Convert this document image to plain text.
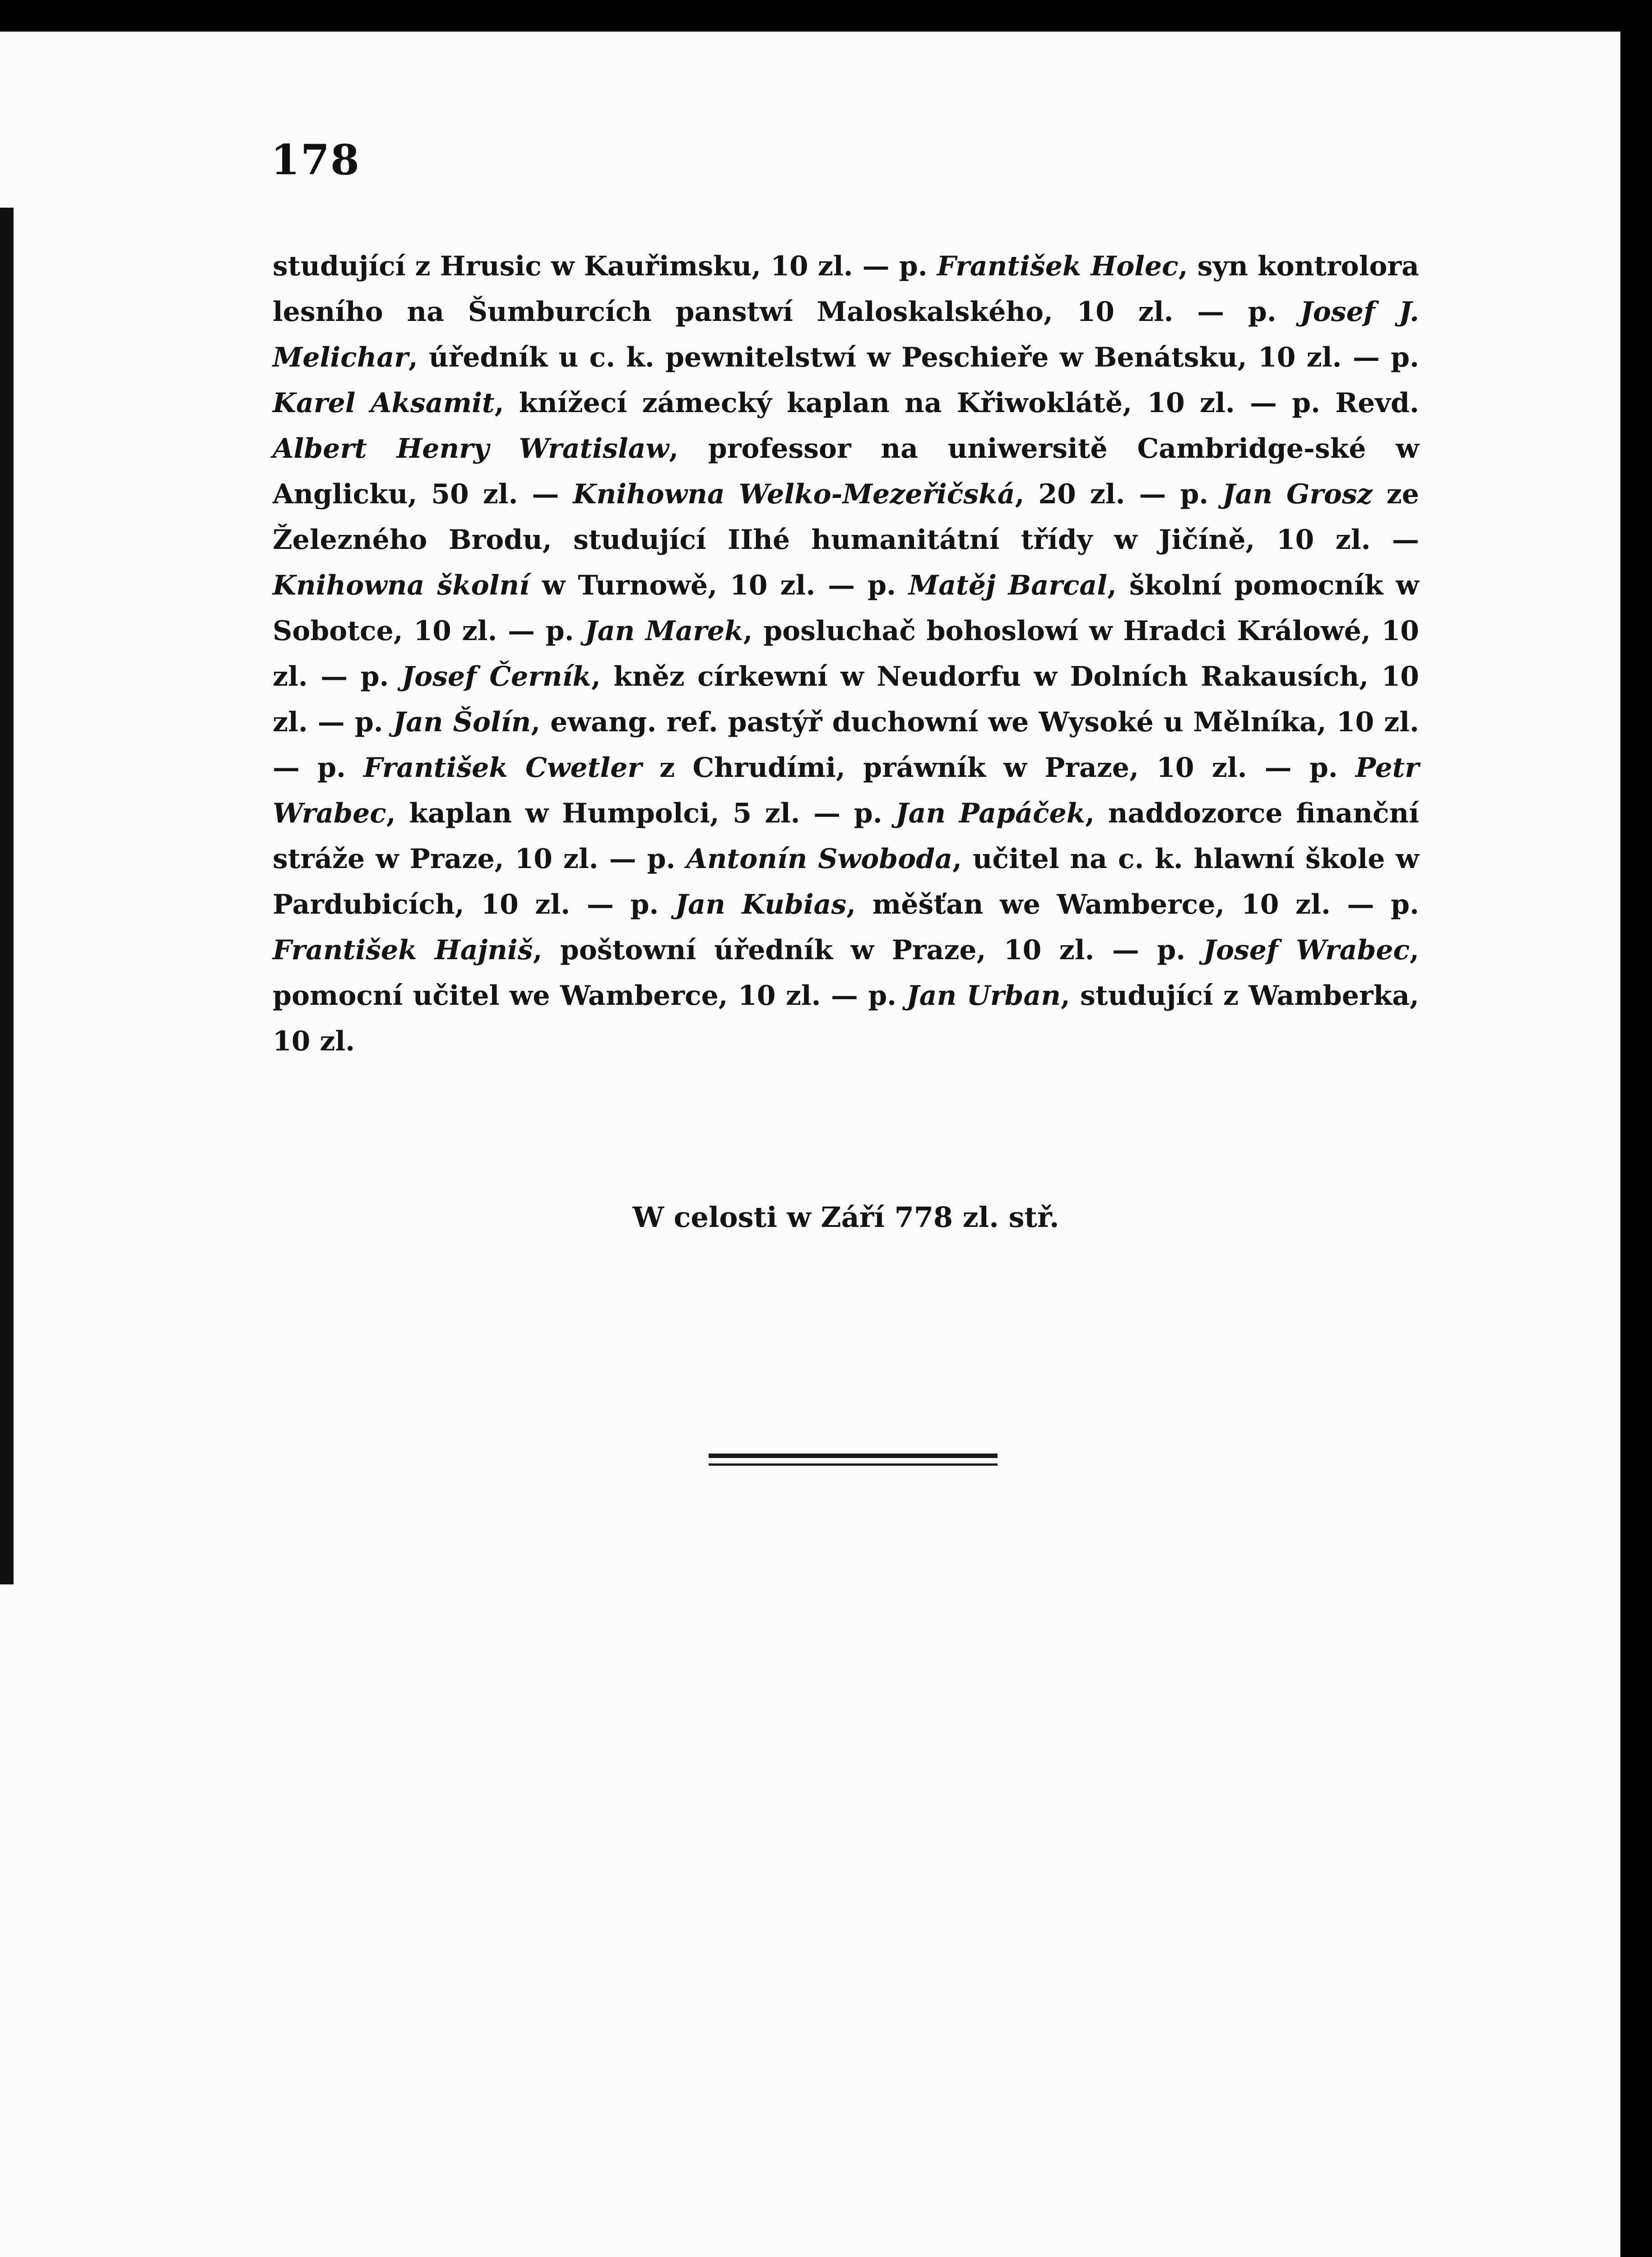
178
studující z Hrusic w Kauřimsku, 10 zl. — p. František Holec, syn kontrolora lesního na Šumburcích panstwí Maloskalského, 10 zl. — p. Josef J. Melichar, úředník u c. k. pewnitelstwí w Peschieře w Benátsku, 10 zl. — p. Karel Aksamit, knížecí zámecký kaplan na Křiwoklátě, 10 zl. — p. Revd. Albert Henry Wratislaw, professor na uniwersitě Cambridge-ské w Anglicku, 50 zl. — Knihowna Welko-Mezeřičská, 20 zl. — p. Jan Grosz ze Železného Brodu, studující IIhé humanitátní třídy w Jičíně, 10 zl. — Knihowna školní w Turnowě, 10 zl. — p. Matěj Barcal, školní pomocník w Sobotce, 10 zl. — p. Jan Marek, posluchač bohoslowí w Hradci Králowé, 10 zl. — p. Josef Černík, kněz církewní w Neudorfu w Dolních Rakausích, 10 zl. — p. Jan Šolín, ewang. ref. pastýř duchowní we Wysoké u Mělníka, 10 zl. — p. František Cwetler z Chrudími, práwník w Praze, 10 zl. — p. Petr Wrabec, kaplan w Humpolci, 5 zl. — p. Jan Papáček, naddozorce finanční stráže w Praze, 10 zl. — p. Antonín Swoboda, učitel na c. k. hlawní škole w Pardubicích, 10 zl. — p. Jan Kubias, měšťan we Wamberce, 10 zl. — p. František Hajniš, poštowní úředník w Praze, 10 zl. — p. Josef Wrabec, pomocní učitel we Wamberce, 10 zl. — p. Jan Urban, studující z Wamberka, 10 zl.
W celosti w Září 778 zl. stř.
